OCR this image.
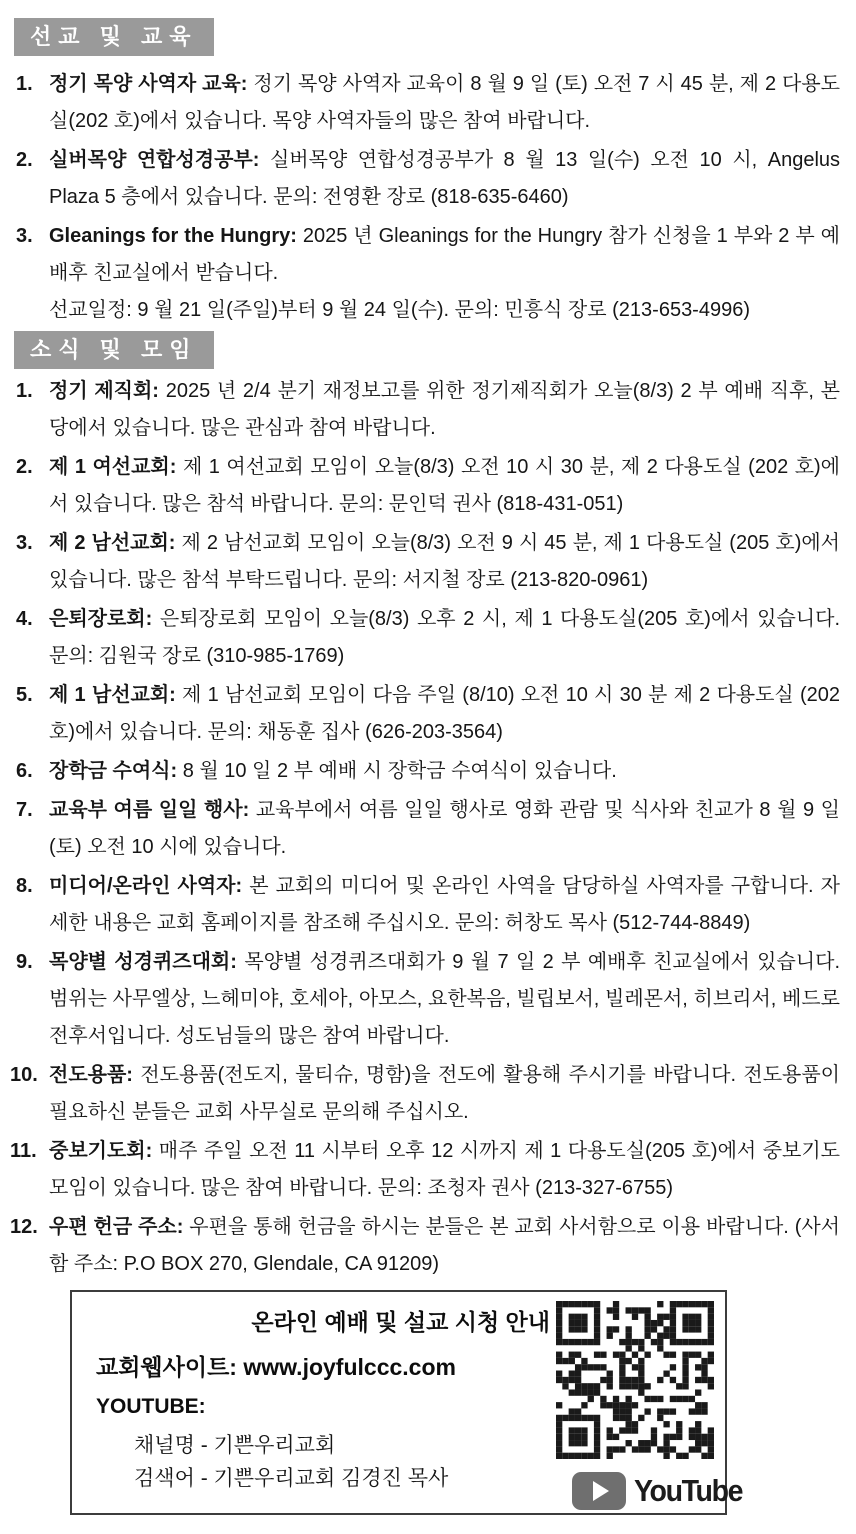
선교 및 교육
1. 정기 목양 사역자 교육: 정기 목양 사역자 교육이 8 월 9 일 (토) 오전 7 시 45 분, 제 2 다용도실(202 호)에서 있습니다. 목양 사역자들의 많은 참여 바랍니다.

2. 실버목양 연합성경공부: 실버목양 연합성경공부가 8 월 13 일(수) 오전 10 시, Angelus Plaza 5 층에서 있습니다. 문의: 전영환 장로 (818-635-6460)

3. Gleanings for the Hungry: 2025 년 Gleanings for the Hungry 참가 신청을 1 부와 2 부 예배후 친교실에서 받습니다.

선교일정: 9 월 21 일(주일)부터 9 월 24 일(수). 문의: 민흥식 장로 (213-653-4996)

소식 및 모임
1. 정기 제직회: 2025 년 2/4 분기 재정보고를 위한 정기제직회가 오늘(8/3) 2 부 예배 직후, 본당에서 있습니다. 많은 관심과 참여 바랍니다.

2. 제 1 여선교회: 제 1 여선교회 모임이 오늘(8/3) 오전 10 시 30 분, 제 2 다용도실 (202 호)에서 있습니다. 많은 참석 바랍니다. 문의: 문인덕 권사 (818-431-051)

3. 제 2 남선교회: 제 2 남선교회 모임이 오늘(8/3) 오전 9 시 45 분, 제 1 다용도실 (205 호)에서 있습니다. 많은 참석 부탁드립니다. 문의: 서지철 장로 (213-820-0961)

4. 은퇴장로회: 은퇴장로회 모임이 오늘(8/3) 오후 2 시, 제 1 다용도실(205 호)에서 있습니다. 문의: 김원국 장로 (310-985-1769)

5. 제 1 남선교회: 제 1 남선교회 모임이 다음 주일 (8/10) 오전 10 시 30 분 제 2 다용도실 (202 호)에서 있습니다. 문의: 채동훈 집사 (626-203-3564)

6. 장학금 수여식: 8 월 10 일 2 부 예배 시 장학금 수여식이 있습니다.

7. 교육부 여름 일일 행사: 교육부에서 여름 일일 행사로 영화 관람 및 식사와 친교가 8 월 9 일 (토) 오전 10 시에 있습니다.

8. 미디어/온라인 사역자: 본 교회의 미디어 및 온라인 사역을 담당하실 사역자를 구합니다. 자세한 내용은 교회 홈페이지를 참조해 주십시오. 문의: 허창도 목사 (512-744-8849)

9. 목양별 성경퀴즈대회: 목양별 성경퀴즈대회가 9 월 7 일 2 부 예배후 친교실에서 있습니다. 범위는 사무엘상, 느헤미야, 호세아, 아모스, 요한복음, 빌립보서, 빌레몬서, 히브리서, 베드로전후서입니다. 성도님들의 많은 참여 바랍니다.

10. 전도용품: 전도용품(전도지, 물티슈, 명함)을 전도에 활용해 주시기를 바랍니다. 전도용품이 필요하신 분들은 교회 사무실로 문의해 주십시오.

11. 중보기도회: 매주 주일 오전 11 시부터 오후 12 시까지 제 1 다용도실(205 호)에서 중보기도모임이 있습니다. 많은 참여 바랍니다. 문의: 조청자 권사 (213-327-6755)

12. 우편 헌금 주소: 우편을 통해 헌금을 하시는 분들은 본 교회 사서함으로 이용 바랍니다. (사서함 주소: P.O BOX 270, Glendale, CA 91209)

온라인 예배 및 설교 시청 안내
교회웹사이트: www.joyfulccc.com
YOUTUBE:
채널명 - 기쁜우리교회
검색어 - 기쁜우리교회 김경진 목사	YouTube
